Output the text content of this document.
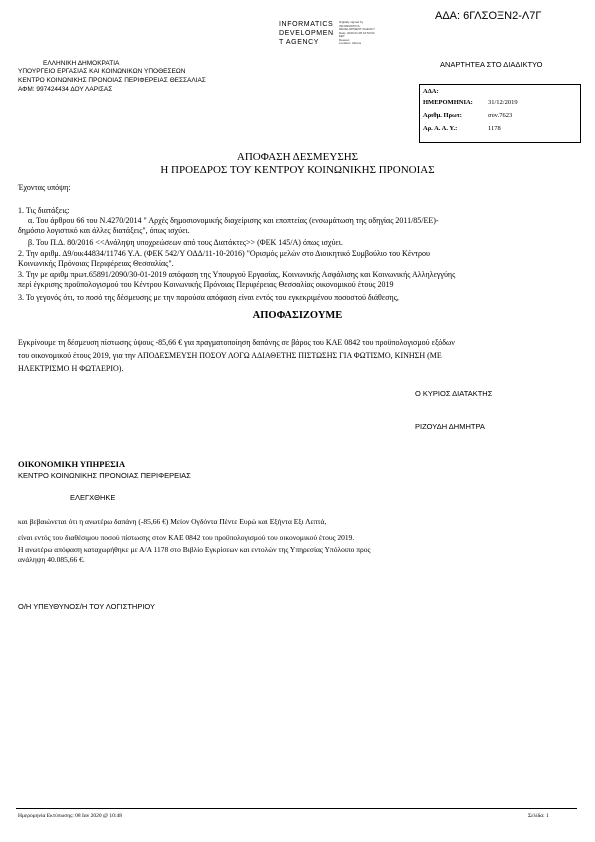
ΑΔΑ: 6ΓΛΣΟΞΝ2-Λ7Γ
INFORMATICS
DEVELOPMEN
T AGENCY
Digitally signed by
INFORMATICS
DEVELOPMENT AGENCY
Date: 2020.01.08 10:50:02
EET
Reason:
Location: Athens
ΕΛΛΗΝΙΚΗ ΔΗΜΟΚΡΑΤΙΑ
ΥΠΟΥΡΓΕΙΟ ΕΡΓΑΣΙΑΣ ΚΑΙ ΚΟΙΝΩΝΙΚΩΝ ΥΠΟΘΕΣΕΩΝ
ΚΕΝΤΡΟ ΚΟΙΝΩΝΙΚΗΣ ΠΡΟΝΟΙΑΣ ΠΕΡΙΦΕΡΕΙΑΣ ΘΕΣΣΑΛΙΑΣ
ΑΦΜ: 997424434 ΔΟΥ ΛΑΡΙΣΑΣ
ΑΝΑΡΤΗΤΕΑ ΣΤΟ ΔΙΑΔΙΚΤΥΟ
ΑΔΑ:
ΗΜΕΡΟΜΗΝΙΑ: 31/12/2019
Αριθμ. Πρωτ:	συν.7623
Αρ. Α. Α. Υ.:	1178
ΑΠΟΦΑΣΗ ΔΕΣΜΕΥΣΗΣ
Η ΠΡΟΕΔΡΟΣ ΤΟΥ ΚΕΝΤΡΟΥ ΚΟΙΝΩΝΙΚΗΣ ΠΡΟΝΟΙΑΣ
Έχοντας υπόψη:
1. Τις διατάξεις:
α. Του άρθρου 66 του Ν.4270/2014 " Αρχές δημοσιονομικής διαχείρισης και εποπτείας (ενσωμάτωση της οδηγίας 2011/85/ΕΕ)-
δημόσιο λογιστικό και άλλες διατάξεις", όπως ισχύει.
β. Του Π.Δ. 80/2016 <<Ανάληψη υποχρεώσεων από τους Διατάκτες>> (ΦΕΚ 145/Α) όπως ισχύει.
2. Την αριθμ. Δ9/οικ44834/11746 Υ.Α. (ΦΕΚ 542/Υ ΟΔΔ/11-10-2016) "Ορισμός μελών στο Διοικητικό Συμβούλιο του Κέντρου
Κοινωνικής Πρόνοιας Περιφέρειας Θεσσαλίας".
3. Την με αριθμ πρωτ.65891/2090/30-01-2019 απόφαση της Υπουργού Εργασίας, Κοινωνικής Ασφάλισης και Κοινωνικής Αλληλεγγύης
περί έγκρισης προϋπολογισμού του Κέντρου Κοινωνικής Πρόνοιας Περιφέρειας Θεσσαλίας οικονομικού έτους 2019
3. Το γεγονός ότι, το ποσό της δέσμευσης με την παρούσα απόφαση είναι εντός του εγκεκριμένου ποσοστού διάθεσης,
ΑΠΟΦΑΣΙΖΟΥΜΕ
Εγκρίνουμε τη δέσμευση πίστωσης ύψους -85,66 € για πραγματοποίηση δαπάνης σε βάρος του ΚΑΕ 0842 του προϋπολογισμού εξόδων
του οικονομικού έτους 2019, για την ΑΠΟΔΕΣΜΕΥΣΗ ΠΟΣΟΥ ΛΟΓΩ ΑΔΙΑΘΕΤΗΣ ΠΙΣΤΩΣΗΣ ΓΙΑ ΦΩΤΙΣΜΟ, ΚΙΝΗΣΗ (ΜΕ
ΗΛΕΚΤΡΙΣΜΟ Η ΦΩΤΑΕΡΙΟ).
Ο ΚΥΡΙΟΣ ΔΙΑΤΑΚΤΗΣ
ΡΙΖΟΥΔΗ ΔΗΜΗΤΡΑ
ΟΙΚΟΝΟΜΙΚΗ ΥΠΗΡΕΣΙΑ
ΚΕΝΤΡΟ ΚΟΙΝΩΝΙΚΗΣ ΠΡΟΝΟΙΑΣ ΠΕΡΙΦΕΡΕΙΑΣ
ΕΛΕΓΧΘΗΚΕ
και βεβαιώνεται ότι η ανωτέρω δαπάνη (-85,66 €) Μείον Ογδόντα Πέντε Ευρώ και Εξήντα Εξι Λεπτά,
είναι εντός του διαθέσιμου ποσού πίστωσης στον ΚΑΕ 0842 του προϋπολογισμού του οικονομικού έτους 2019.
Η ανωτέρω απόφαση καταχωρήθηκε με Α/Α 1178 στο Βιβλίο Εγκρίσεων και εντολών της Υπηρεσίας Υπόλοιπο προς
ανάληψη 40.085,66 €.
Ο/Η ΥΠΕΥΘΥΝΟΣ/Η ΤΟΥ ΛΟΓΙΣΤΗΡΙΟΥ
Ημερομηνία Εκτύπωσης: 08 Ιαν 2020 @ 10:48	Σελίδα: 1
